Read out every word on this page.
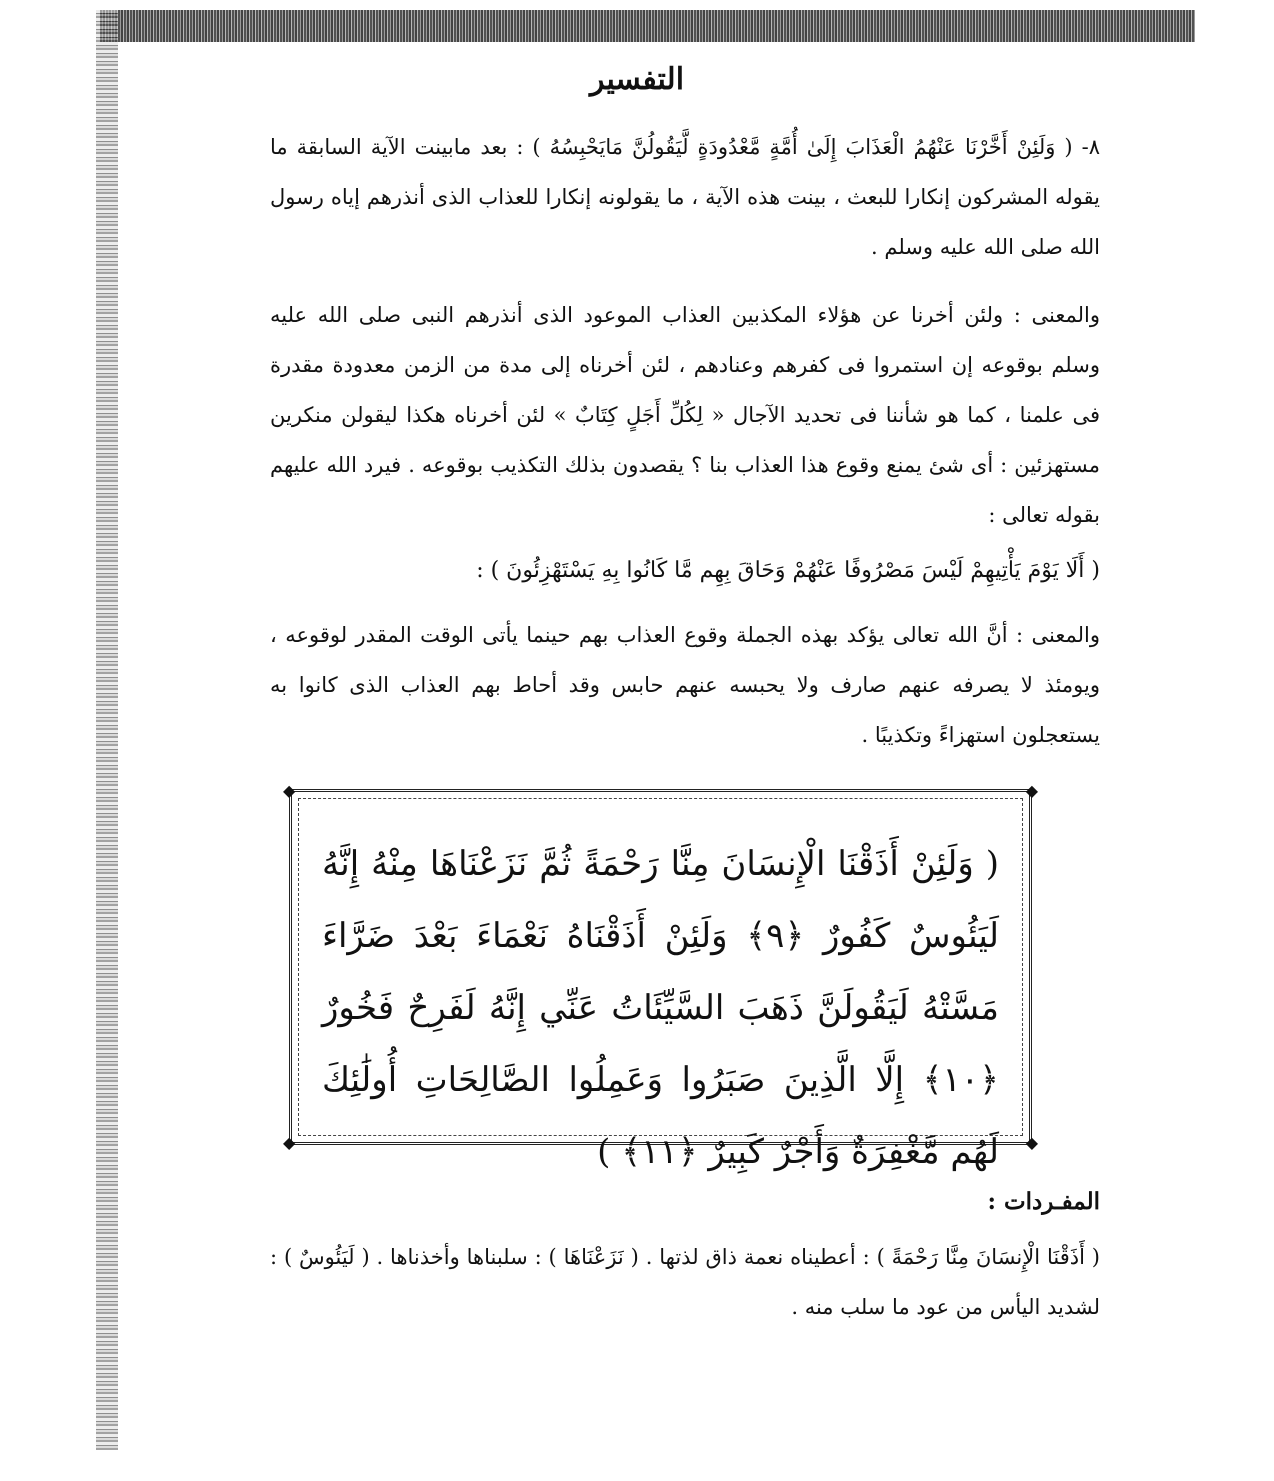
التفسير

٨- ( وَلَئِنْ أَخَّرْنَا عَنْهُمُ الْعَذَابَ إِلَىٰ أُمَّةٍ مَّعْدُودَةٍ لَّيَقُولُنَّ مَايَحْبِسُهُ ) : بعد مابينت الآية السابقة ما يقوله المشركون إنكارا للبعث ، بينت هذه الآية ، ما يقولونه إنكارا للعذاب الذى أنذرهم إياه رسول الله صلى الله عليه وسلم .

والمعنى : ولئن أخرنا عن هؤلاء المكذبين العذاب الموعود الذى أنذرهم النبى صلى الله عليه وسلم بوقوعه إن استمروا فى كفرهم وعنادهم ، لئن أخرناه إلى مدة من الزمن معدودة مقدرة فى علمنا ، كما هو شأننا فى تحديد الآجال « لِكُلِّ أَجَلٍ كِتَابٌ » لئن أخرناه هكذا ليقولن منكرين مستهزئين : أى شئ يمنع وقوع هذا العذاب بنا ؟ يقصدون بذلك التكذيب بوقوعه . فيرد الله عليهم بقوله تعالى :

( أَلَا يَوْمَ يَأْتِيهِمْ لَيْسَ مَصْرُوفًا عَنْهُمْ وَحَاقَ بِهِم مَّا كَانُوا بِهِ يَسْتَهْزِئُونَ ) :

والمعنى : أنَّ الله تعالى يؤكد بهذه الجملة وقوع العذاب بهم حينما يأتى الوقت المقدر لوقوعه ، ويومئذ لا يصرفه عنهم صارف ولا يحبسه عنهم حابس وقد أحاط بهم العذاب الذى كانوا به يستعجلون استهزاءً وتكذيبًا .

◆	◆
◆	◆

( وَلَئِنْ أَذَقْنَا الْإِنسَانَ مِنَّا رَحْمَةً ثُمَّ نَزَعْنَاهَا مِنْهُ إِنَّهُ لَيَئُوسٌ كَفُورٌ ﴿٩﴾ وَلَئِنْ أَذَقْنَاهُ نَعْمَاءَ بَعْدَ ضَرَّاءَ مَسَّتْهُ لَيَقُولَنَّ ذَهَبَ السَّيِّئَاتُ عَنِّي إِنَّهُ لَفَرِحٌ فَخُورٌ ﴿١٠﴾ إِلَّا الَّذِينَ صَبَرُوا وَعَمِلُوا الصَّالِحَاتِ أُولَٰئِكَ لَهُم مَّغْفِرَةٌ وَأَجْرٌ كَبِيرٌ ﴿١١﴾ )

المفـردات :

( أَذَقْنَا الْإِنسَانَ مِنَّا رَحْمَةً ) : أعطيناه نعمة ذاق لذتها . ( نَزَعْنَاهَا ) : سلبناها وأخذناها . ( لَيَئُوسٌ ) : لشديد اليأس من عود ما سلب منه .
